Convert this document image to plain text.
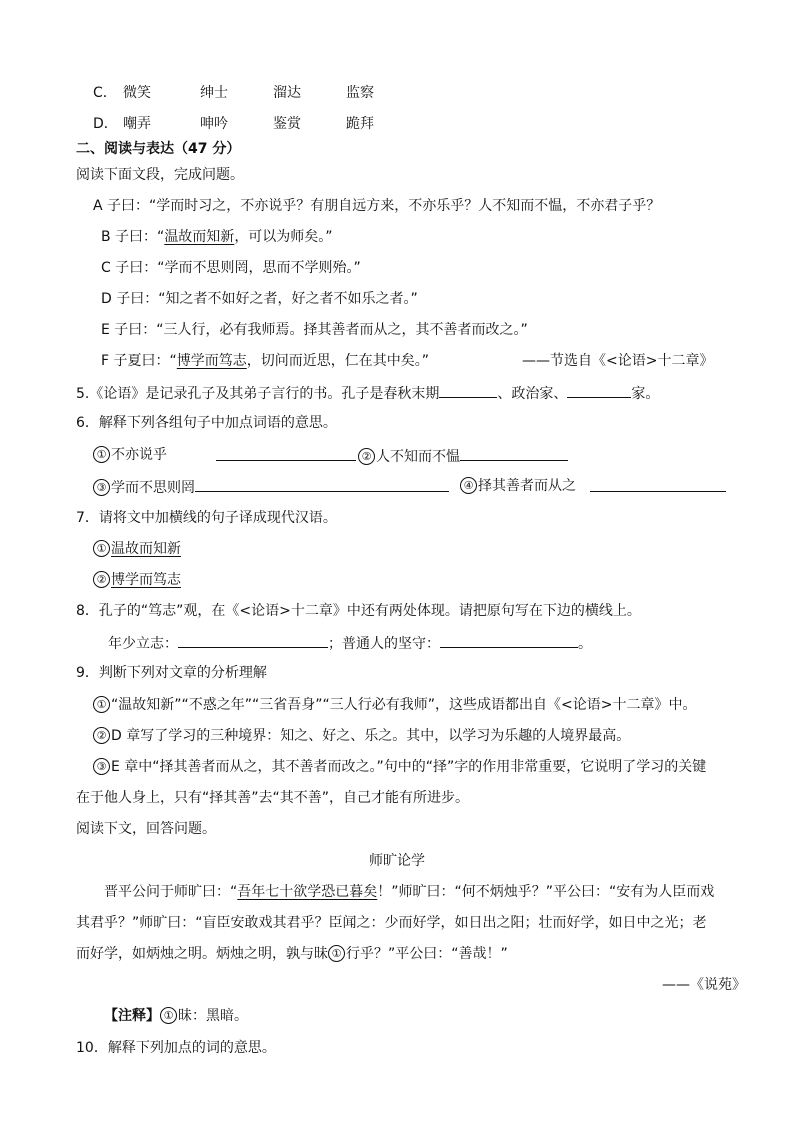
C． 微笑	绅士	溜达	监察
D． 嘲弄	呻吟	鉴赏	跪拜
二、阅读与表达（47 分）
阅读下面文段，完成问题。
A 子曰：“学而时习之，不亦说乎？有朋自远方来，不亦乐乎？人不知而不愠，不亦君子乎？
B 子曰：“温故而知新，可以为师矣。”
C 子曰：“学而不思则罔，思而不学则殆。”
D 子曰：“知之者不如好之者，好之者不如乐之者。”
E 子曰：“三人行，必有我师焉。择其善者而从之，其不善者而改之。”
F 子夏曰：“博学而笃志，切问而近思，仁在其中矣。”	——节选自《<论语>十二章》
5.《论语》是记录孔子及其弟子言行的书。孔子是春秋末期	、政治家、	家。
6．解释下列各组句子中加点词语的意思。
① 不亦说乎	② 人不知而不愠
③ 学而不思则罔	④ 择其善者而从之
7．请将文中加横线的句子译成现代汉语。
① 温故而知新
② 博学而笃志
8．孔子的“笃志”观，在《<论语>十二章》中还有两处体现。请把原句写在下边的横线上。
年少立志：	；普通人的坚守：	。
9．判断下列对文章的分析理解
① “温故知新”“不惑之年”“三省吾身”“三人行必有我师”，这些成语都出自《<论语>十二章》中。
② D 章写了学习的三种境界：知之、好之、乐之。其中，以学习为乐趣的人境界最高。
③ E 章中“择其善者而从之，其不善者而改之。”句中的“择”字的作用非常重要，它说明了学习的关键
在于他人身上，只有“择其善”去“其不善”，自己才能有所进步。
阅读下文，回答问题。
师旷论学
晋平公问于师旷曰：“吾年七十欲学恐已暮矣！”师旷曰：“何不炳烛乎？”平公曰：“安有为人臣而戏
其君乎？”师旷曰：“盲臣安敢戏其君乎？臣闻之：少而好学，如日出之阳；壮而好学，如日中之光；老
而好学，如炳烛之明。炳烛之明，孰与昧 ① 行乎？”平公曰：“善哉！”
——《说苑》
【注释】 ① 昧：黑暗。
10．解释下列加点的词的意思。
